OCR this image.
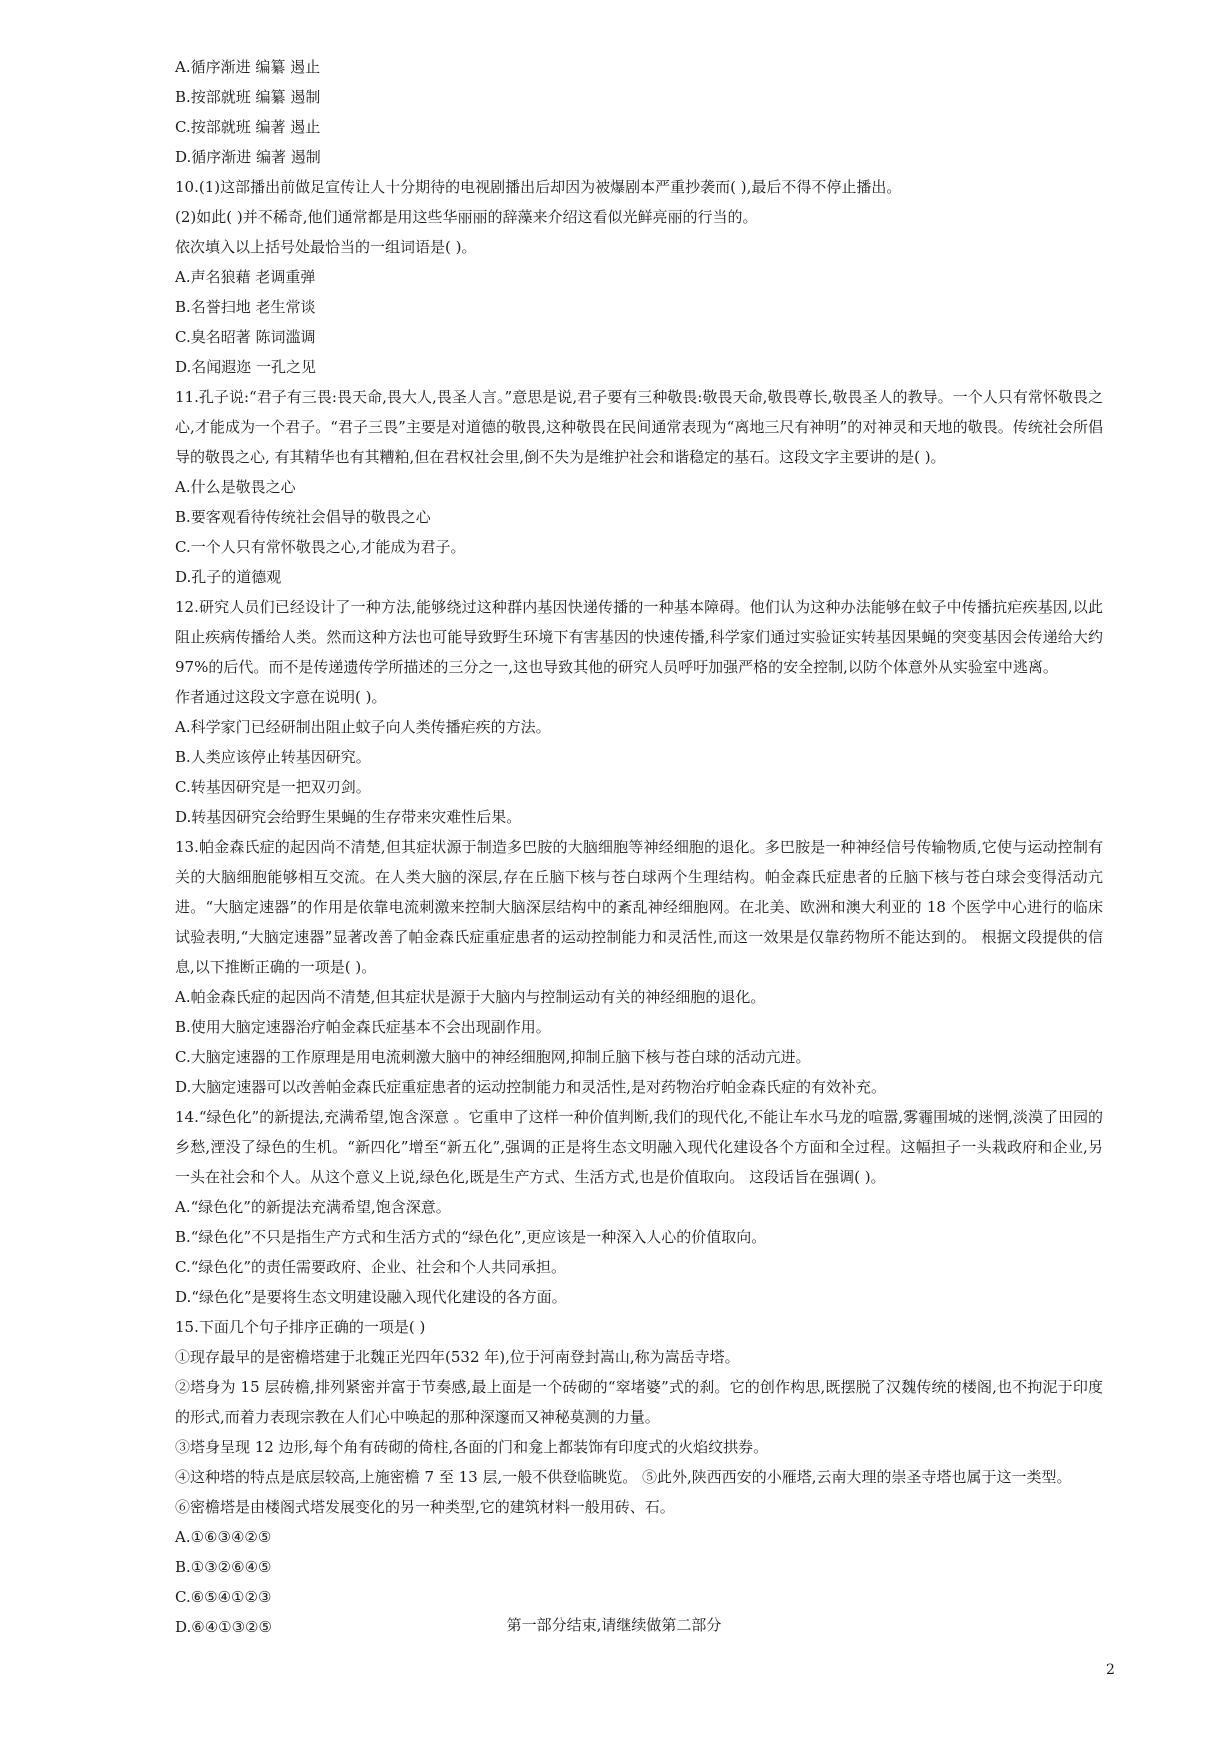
A.循序渐进 编纂 遏止
B.按部就班 编纂 遏制
C.按部就班 编著 遏止
D.循序渐进 编著 遏制
10.(1)这部播出前做足宣传让人十分期待的电视剧播出后却因为被爆剧本严重抄袭而( ),最后不得不停止播出。
(2)如此( )并不稀奇,他们通常都是用这些华丽丽的辞藻来介绍这看似光鲜亮丽的行当的。
依次填入以上括号处最恰当的一组词语是( )。
A.声名狼藉 老调重弹
B.名誉扫地 老生常谈
C.臭名昭著 陈词滥调
D.名闻遐迩 一孔之见
11.孔子说:“君子有三畏:畏天命,畏大人,畏圣人言。”意思是说,君子要有三种敬畏:敬畏天命,敬畏尊长,敬畏圣人的教导。一个人只有常怀敬畏之心,才能成为一个君子。“君子三畏”主要是对道德的敬畏,这种敬畏在民间通常表现为“离地三尺有神明”的对神灵和天地的敬畏。传统社会所倡导的敬畏之心, 有其精华也有其糟粕,但在君权社会里,倒不失为是维护社会和谐稳定的基石。这段文字主要讲的是( )。
A.什么是敬畏之心
B.要客观看待传统社会倡导的敬畏之心
C.一个人只有常怀敬畏之心,才能成为君子。
D.孔子的道德观
12.研究人员们已经设计了一种方法,能够绕过这种群内基因快递传播的一种基本障碍。他们认为这种办法能够在蚊子中传播抗疟疾基因,以此阻止疾病传播给人类。然而这种方法也可能导致野生环境下有害基因的快速传播,科学家们通过实验证实转基因果蝇的突变基因会传递给大约97%的后代。而不是传递遗传学所描述的三分之一,这也导致其他的研究人员呼吁加强严格的安全控制,以防个体意外从实验室中逃离。
作者通过这段文字意在说明( )。
A.科学家门已经研制出阻止蚊子向人类传播疟疾的方法。
B.人类应该停止转基因研究。
C.转基因研究是一把双刃剑。
D.转基因研究会给野生果蝇的生存带来灾难性后果。
13.帕金森氏症的起因尚不清楚,但其症状源于制造多巴胺的大脑细胞等神经细胞的退化。多巴胺是一种神经信号传输物质,它使与运动控制有关的大脑细胞能够相互交流。在人类大脑的深层,存在丘脑下核与苍白球两个生理结构。帕金森氏症患者的丘脑下核与苍白球会变得活动亢进。“大脑定速器”的作用是依靠电流刺激来控制大脑深层结构中的紊乱神经细胞网。在北美、欧洲和澳大利亚的 18 个医学中心进行的临床试验表明,“大脑定速器”显著改善了帕金森氏症重症患者的运动控制能力和灵活性,而这一效果是仅靠药物所不能达到的。 根据文段提供的信息,以下推断正确的一项是( )。
A.帕金森氏症的起因尚不清楚,但其症状是源于大脑内与控制运动有关的神经细胞的退化。
B.使用大脑定速器治疗帕金森氏症基本不会出现副作用。
C.大脑定速器的工作原理是用电流刺激大脑中的神经细胞网,抑制丘脑下核与苍白球的活动亢进。
D.大脑定速器可以改善帕金森氏症重症患者的运动控制能力和灵活性,是对药物治疗帕金森氏症的有效补充。
14.“绿色化”的新提法,充满希望,饱含深意 。它重申了这样一种价值判断,我们的现代化,不能让车水马龙的喧嚣,雾霾围城的迷惘,淡漠了田园的乡愁,湮没了绿色的生机。“新四化”增至“新五化”,强调的正是将生态文明融入现代化建设各个方面和全过程。这幅担子一头栽政府和企业,另一头在社会和个人。从这个意义上说,绿色化,既是生产方式、生活方式,也是价值取向。 这段话旨在强调( )。
A.“绿色化”的新提法充满希望,饱含深意。
B.“绿色化”不只是指生产方式和生活方式的“绿色化”,更应该是一种深入人心的价值取向。
C.“绿色化”的责任需要政府、企业、社会和个人共同承担。
D.“绿色化”是要将生态文明建设融入现代化建设的各方面。
15.下面几个句子排序正确的一项是( )
①现存最早的是密檐塔建于北魏正光四年(532 年),位于河南登封嵩山,称为嵩岳寺塔。
②塔身为 15 层砖檐,排列紧密并富于节奏感,最上面是一个砖砌的“窣堵婆”式的刹。它的创作构思,既摆脱了汉魏传统的楼阁,也不拘泥于印度的形式,而着力表现宗教在人们心中唤起的那种深邃而又神秘莫测的力量。
③塔身呈现 12 边形,每个角有砖砌的倚柱,各面的门和龛上都装饰有印度式的火焰纹拱券。
④这种塔的特点是底层较高,上施密檐 7 至 13 层,一般不供登临眺览。 ⑤此外,陕西西安的小雁塔,云南大理的崇圣寺塔也属于这一类型。
⑥密檐塔是由楼阁式塔发展变化的另一种类型,它的建筑材料一般用砖、石。
A.①⑥③④②⑤
B.①③②⑥④⑤
C.⑥⑤④①②③
D.⑥④①③②⑤	第一部分结束,请继续做第二部分
2
